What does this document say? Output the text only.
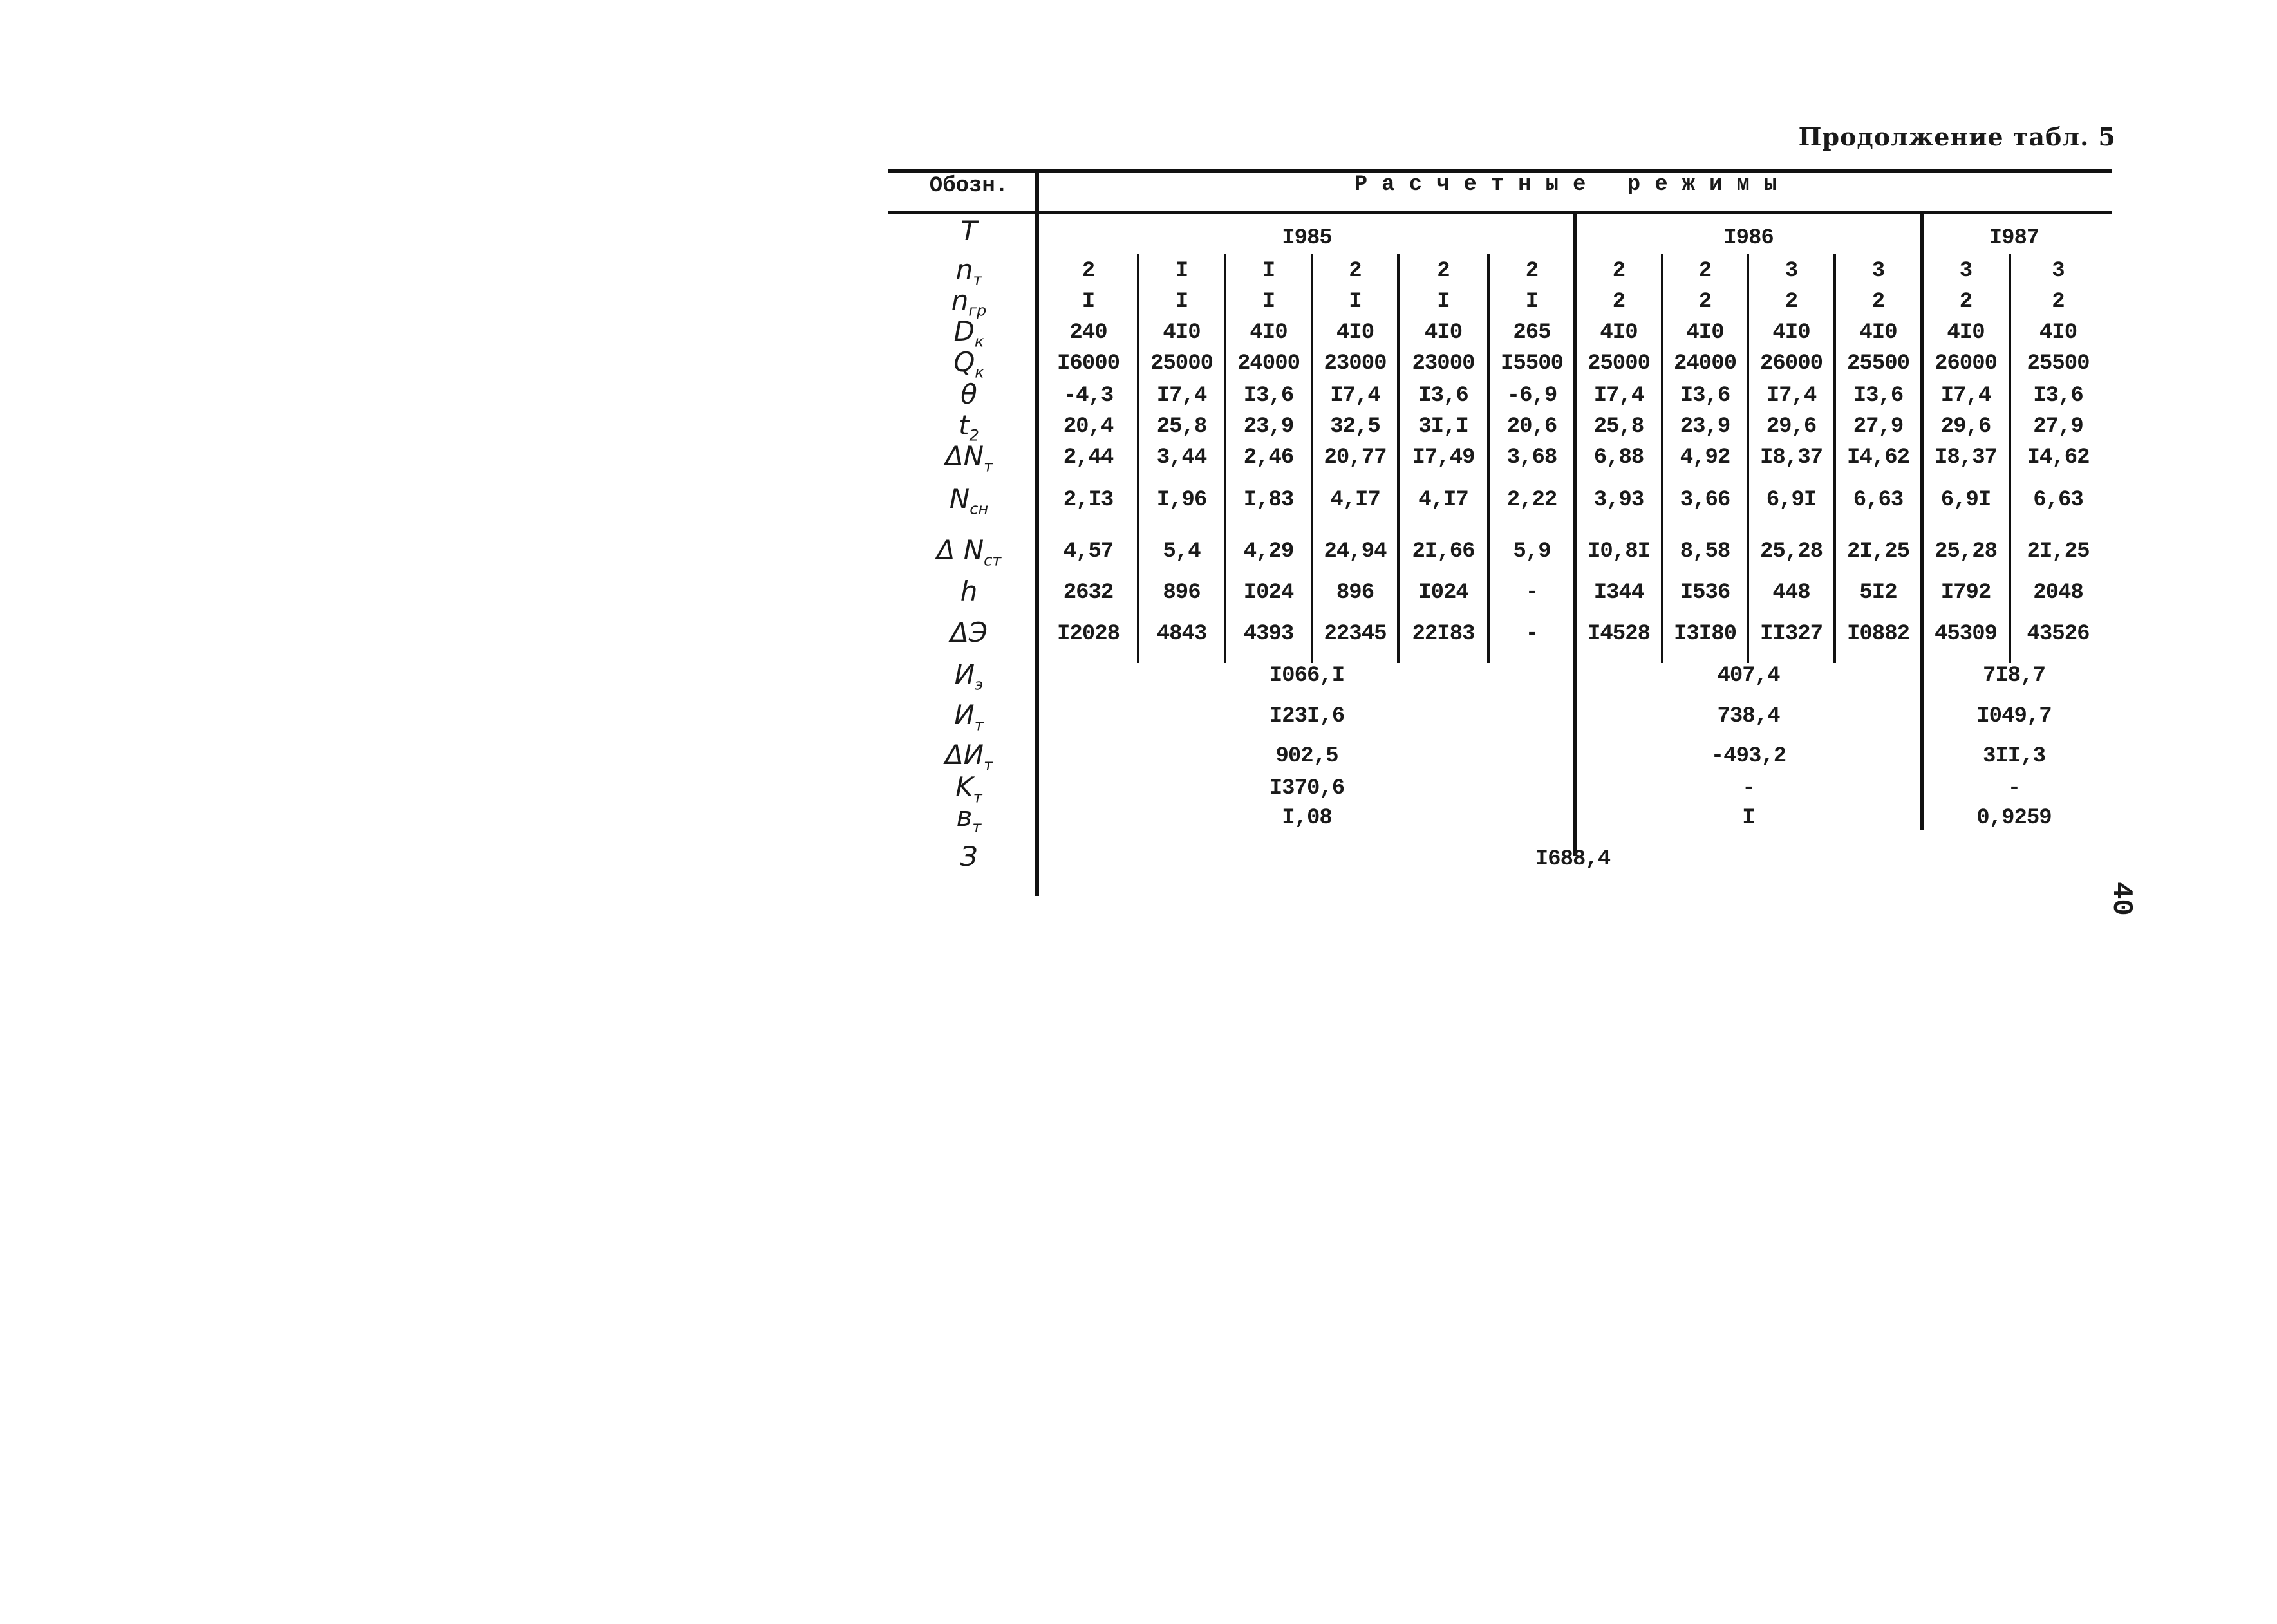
Продолжение табл. 5
40
Обозн.	Расчетные режимы
T	I985	I986	I987
$n_т$	2	I	I	2	2	2	2	2	3	3	3	3
$n_{гр}$	I	I	I	I	I	I	2	2	2	2	2	2
$D_к$	240	4I0	4I0	4I0	4I0	265	4I0	4I0	4I0	4I0	4I0	4I0
$Q_к$	I6000	25000	24000	23000	23000	I5500	25000	24000	26000	25500	26000	25500
θ	-4,3	I7,4	I3,6	I7,4	I3,6	-6,9	I7,4	I3,6	I7,4	I3,6	I7,4	I3,6
$t_2$	20,4	25,8	23,9	32,5	3I,I	20,6	25,8	23,9	29,6	27,9	29,6	27,9
$\Delta N_т$	2,44	3,44	2,46	20,77	I7,49	3,68	6,88	4,92	I8,37	I4,62	I8,37	I4,62
$N_{сн}$	2,I3	I,96	I,83	4,I7	4,I7	2,22	3,93	3,66	6,9I	6,63	6,9I	6,63
Δ $N_{ст}$	4,57	5,4	4,29	24,94	2I,66	5,9	I0,8I	8,58	25,28	2I,25	25,28	2I,25
h	2632	896	I024	896	I024	-	I344	I536	448	5I2	I792	2048
ΔЭ	I2028	4843	4393	22345	22I83	-	I4528	I3I80	II327	I0882	45309	43526
$И_э$	I066,I	407,4	7I8,7
$И_т$	I23I,6	738,4	I049,7
$\Delta И_т$	902,5	-493,2	3II,3
$K_т$	I370,6	-	-
$в_т$	I,08	I	0,9259
З	I688,4
